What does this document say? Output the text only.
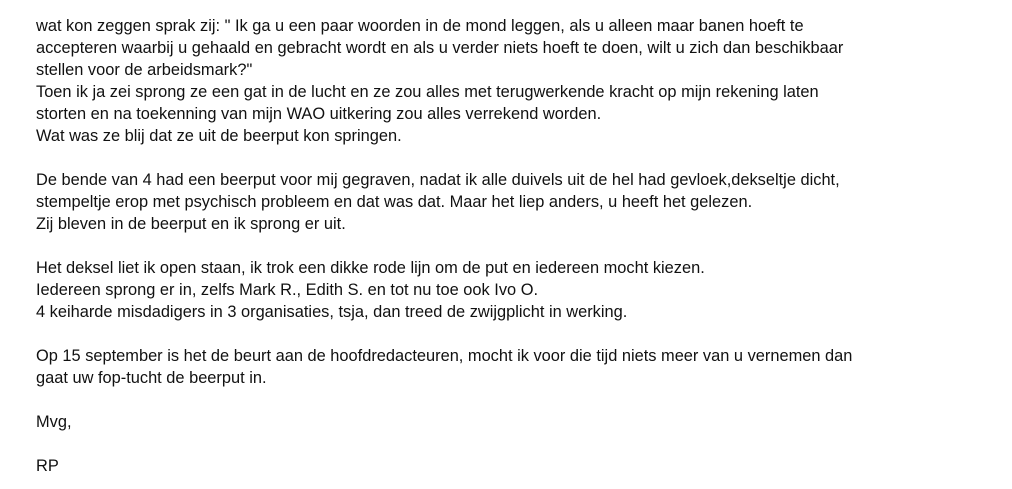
wat kon zeggen sprak zij: " Ik ga u een paar woorden in de mond leggen, als u alleen maar banen hoeft te
accepteren waarbij u gehaald en gebracht wordt en als u verder niets hoeft te doen, wilt u zich dan beschikbaar
stellen voor de arbeidsmark?"
Toen ik ja zei sprong ze een gat in de lucht en ze zou alles met terugwerkende kracht op mijn rekening laten
storten en na toekenning van mijn WAO uitkering zou alles verrekend worden.
Wat was ze blij dat ze uit de beerput kon springen.
De bende van 4 had een beerput voor mij gegraven, nadat ik alle duivels uit de hel had gevloek,dekseltje dicht,
stempeltje erop met psychisch probleem en dat was dat. Maar het liep anders, u heeft het gelezen.
Zij bleven in de beerput en ik sprong er uit.
Het deksel liet ik open staan, ik trok een dikke rode lijn om de put en iedereen mocht kiezen.
Iedereen sprong er in, zelfs Mark R., Edith S. en tot nu toe ook Ivo O.
4 keiharde misdadigers in 3 organisaties, tsja, dan treed de zwijgplicht in werking.
Op 15 september is het de beurt aan de hoofdredacteuren, mocht ik voor die tijd niets meer van u vernemen dan
gaat uw fop-tucht de beerput in.
Mvg,
RP
